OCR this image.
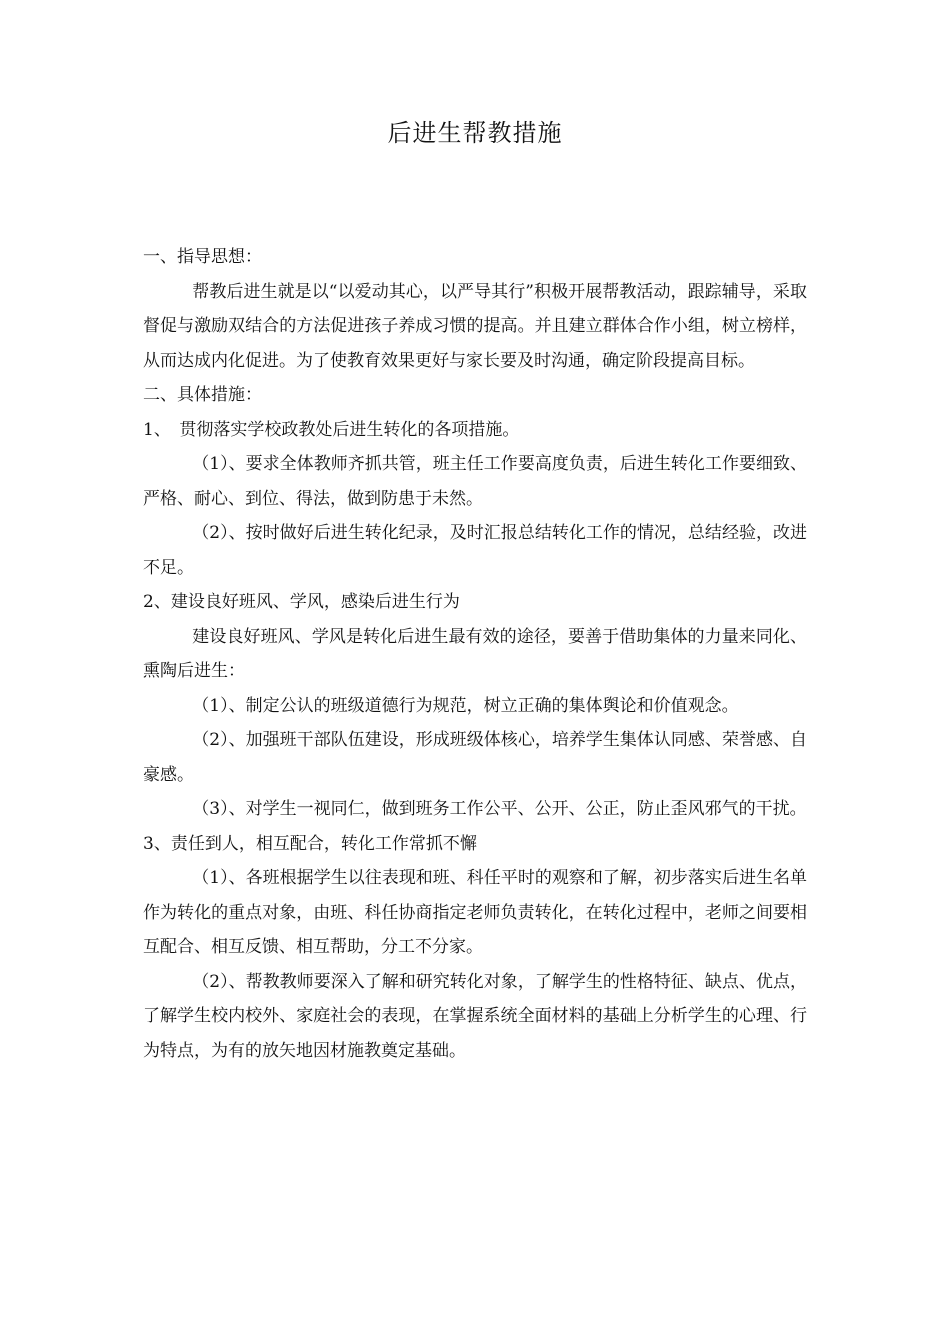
后进生帮教措施

一、指导思想：

帮教后进生就是以“以爱动其心，以严导其行”积极开展帮教活动，跟踪辅导，采取督促与激励双结合的方法促进孩子养成习惯的提高。并且建立群体合作小组，树立榜样，从而达成内化促进。为了使教育效果更好与家长要及时沟通，确定阶段提高目标。

二、具体措施：

1、　贯彻落实学校政教处后进生转化的各项措施。

（1）、要求全体教师齐抓共管，班主任工作要高度负责，后进生转化工作要细致、严格、耐心、到位、得法，做到防患于未然。

（2）、按时做好后进生转化纪录，及时汇报总结转化工作的情况，总结经验，改进不足。

2、建设良好班风、学风，感染后进生行为

建设良好班风、学风是转化后进生最有效的途径，要善于借助集体的力量来同化、熏陶后进生：

（1）、制定公认的班级道德行为规范，树立正确的集体舆论和价值观念。

（2）、加强班干部队伍建设，形成班级体核心，培养学生集体认同感、荣誉感、自豪感。

（3）、对学生一视同仁，做到班务工作公平、公开、公正，防止歪风邪气的干扰。

3、责任到人，相互配合，转化工作常抓不懈

（1）、各班根据学生以往表现和班、科任平时的观察和了解，初步落实后进生名单作为转化的重点对象，由班、科任协商指定老师负责转化，在转化过程中，老师之间要相互配合、相互反馈、相互帮助，分工不分家。

（2）、帮教教师要深入了解和研究转化对象，了解学生的性格特征、缺点、优点，了解学生校内校外、家庭社会的表现，在掌握系统全面材料的基础上分析学生的心理、行为特点，为有的放矢地因材施教奠定基础。
